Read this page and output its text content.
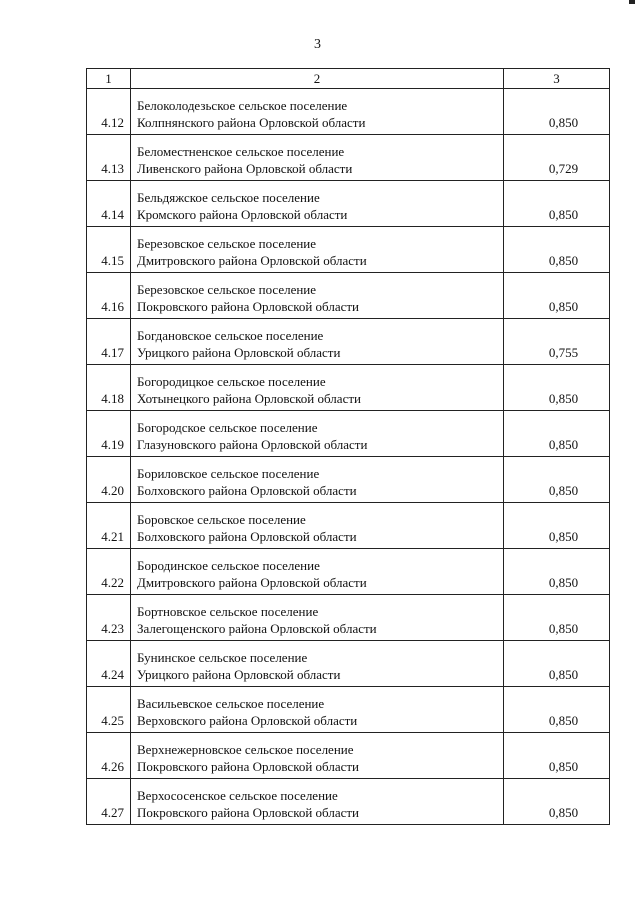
3
1	2	3
4.12	Белоколодезьское сельское поселение
Колпнянского района Орловской области	0,850
4.13	Беломестненское сельское поселение
Ливенского района Орловской области	0,729
4.14	Бельдяжское сельское поселение
Кромского района Орловской области	0,850
4.15	Березовское сельское поселение
Дмитровского района Орловской области	0,850
4.16	Березовское сельское поселение
Покровского района Орловской области	0,850
4.17	Богдановское сельское поселение
Урицкого района Орловской области	0,755
4.18	Богородицкое сельское поселение
Хотынецкого района Орловской области	0,850
4.19	Богородское сельское поселение
Глазуновского района Орловской области	0,850
4.20	Бориловское сельское поселение
Болховского района Орловской области	0,850
4.21	Боровское сельское поселение
Болховского района Орловской области	0,850
4.22	Бородинское сельское поселение
Дмитровского района Орловской области	0,850
4.23	Бортновское сельское поселение
Залегощенского района Орловской области	0,850
4.24	Бунинское сельское поселение
Урицкого района Орловской области	0,850
4.25	Васильевское сельское поселение
Верховского района Орловской области	0,850
4.26	Верхнежерновское сельское поселение
Покровского района Орловской области	0,850
4.27	Верхососенское сельское поселение
Покровского района Орловской области	0,850
